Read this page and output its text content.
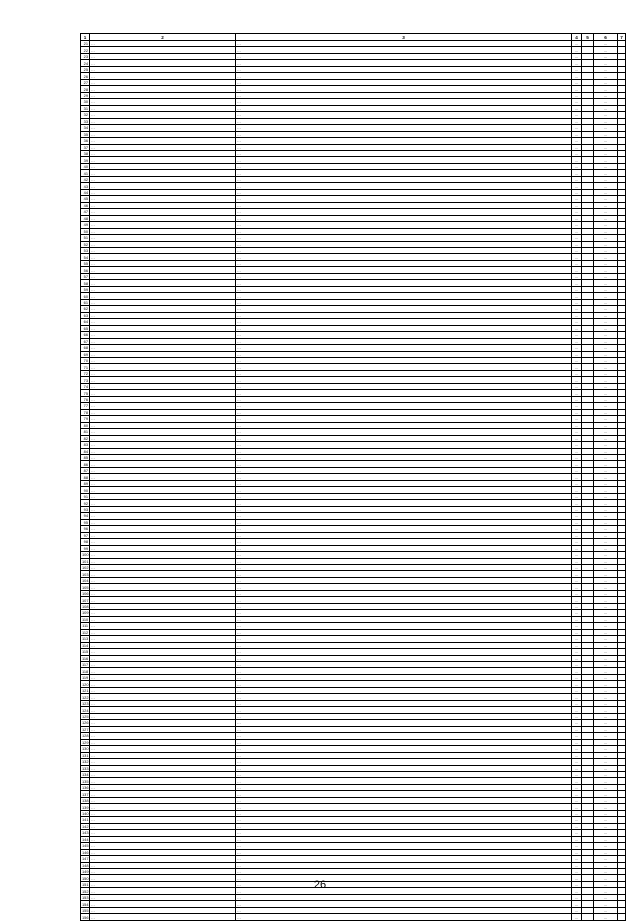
1	2	3	4	5	6	7
21	…	…	…		…	
22	…	…	…		…	
23	…	…	…		…	
24	…	…	…		…	
25	…	…	…		…	
26	…	…	…		…	
27	…	…	…		…	
28	…	…	…		…	
29	…	…	…		…	
30	…	…	…		…	
31	…	…	…		…	
32	…	…	…		…	
33	…	…	…		…	
34	…	…	…		…	
35	…	…	…		…	
36	…	…	…		…	
37	…	…	…		…	
38	…	…	…		…	
39	…	…	…		…	
40	…	…	…		…	
41	…	…	…		…	
42	…	…	…		…	
43	…	…	…		…	
44	…	…	…		…	
45	…	…	…		…	
46	…	…	…		…	
47	…	…	…		…	
48	…	…	…		…	
49	…	…	…		…	
50	…	…	…		…	
51	…	…	…		…	
52	…	…	…		…	
53	…	…	…		…	
54	…	…	…		…	
55	…	…	…		…	
56	…	…	…		…	
57	…	…	…		…	
58	…	…	…		…	
59	…	…	…		…	
60	…	…	…		…	
61	…	…	…		…	
62	…	…	…		…	
63	…	…	…		…	
64	…	…	…		…	
65	…	…	…		…	
66	…	…	…		…	
67	…	…	…		…	
68	…	…	…		…	
69	…	…	…		…	
70	…	…	…		…	
71	…	…	…		…	
72	…	…	…		…	
73	…	…	…		…	
74	…	…	…		…	
75	…	…	…		…	
76	…	…	…		…	
77	…	…	…		…	
78	…	…	…		…	
79	…	…	…		…	
80	…	…	…		…	
81	…	…	…		…	
82	…	…	…		…	
83	…	…	…		…	
84	…	…	…		…	
85	…	…	…		…	
86	…	…	…		…	
87	…	…	…		…	
88	…	…	…		…	
89	…	…	…		…	
90	…	…	…		…	
91	…	…	…		…	
92	…	…	…		…	
93	…	…	…		…	
94	…	…	…		…	
95	…	…	…		…	
96	…	…	…		…	
97	…	…	…		…	
98	…	…	…		…	
99	…	…	…		…	
100	…	…	…		…	
101	…	…	…		…	
102	…	…	…		…	
103	…	…	…		…	
104	…	…	…		…	
105	…	…	…		…	
106	…	…	…		…	
107	…	…	…		…	
108	…	…	…		…	
109	…	…	…		…	
110	…	…	…		…	
111	…	…	…		…	
112	…	…	…		…	
113	…	…	…		…	
114	…	…	…		…	
115	…	…	…		…	
116	…	…	…		…	
117	…	…	…		…	
118	…	…	…		…	
119	…	…	…		…	
120	…	…	…		…	
121	…	…	…		…	
122	…	…	…		…	
123	…	…	…		…	
124	…	…	…		…	
125	…	…	…		…	
126	…	…	…		…	
127	…	…	…		…	
128	…	…	…		…	
129	…	…	…		…	
130	…	…	…		…	
131	…	…	…		…	
132	…	…	…		…	
133	…	…	…		…	
134	…	…	…		…	
135	…	…	…		…	
136	…	…	…		…	
137	…	…	…		…	
138	…	…	…		…	
139	…	…	…		…	
140	…	…	…		…	
141	…	…	…		…	
142	…	…	…		…	
143	…	…	…		…	
144	…	…	…		…	
145	…	…	…		…	
146	…	…	…		…	
147	…	…	…		…	
148	…	…	…		…	
149	…	…	…		…	
150	…	…	…		…	
151	…	…	…		…	
152	…	…	…		…	
153	…	…	…		…	
154	…	…	…		…	
155	…	…	…		…	
156	…	…	…		…	
26
